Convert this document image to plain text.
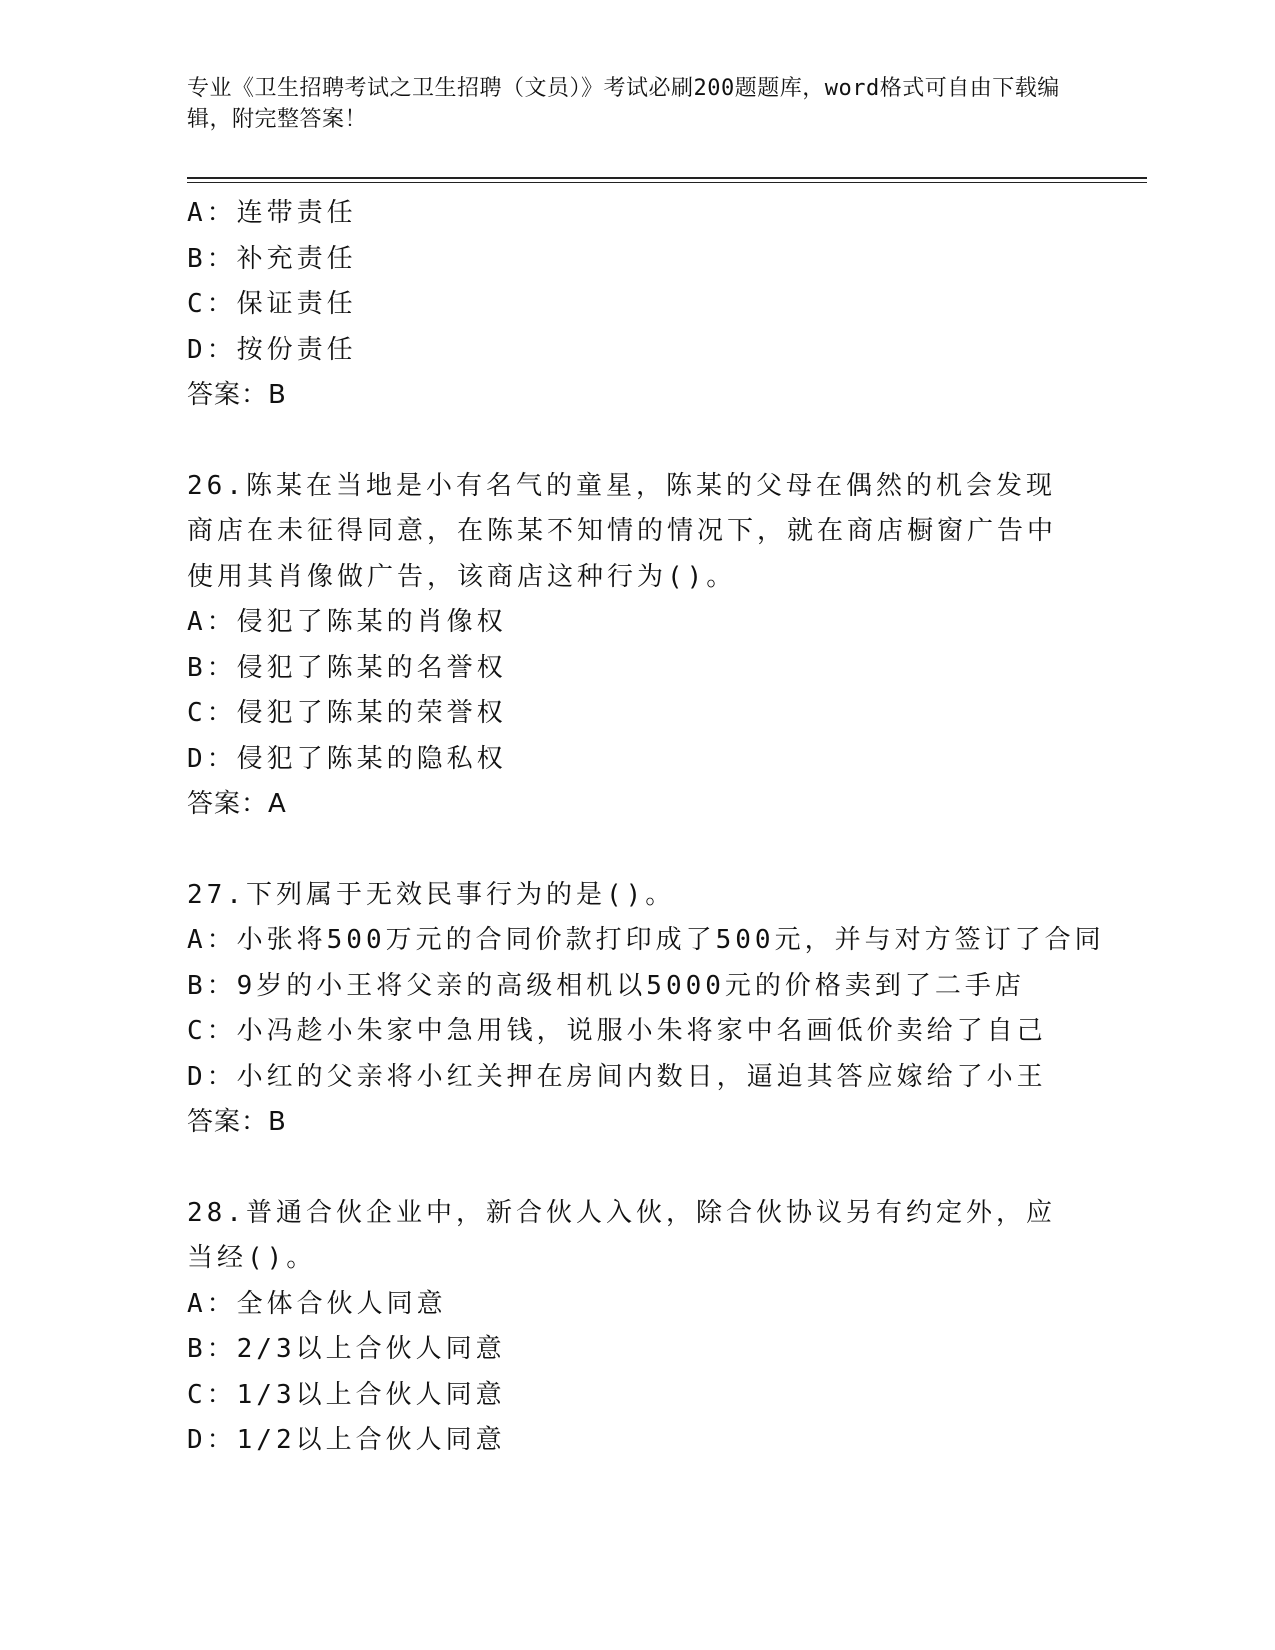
专业《卫生招聘考试之卫生招聘（文员）》考试必刷200题题库，word格式可自由下载编辑，附完整答案！
A：连带责任
B：补充责任
C：保证责任
D：按份责任
答案：B
26.陈某在当地是小有名气的童星，陈某的父母在偶然的机会发现商店在未征得同意，在陈某不知情的情况下，就在商店橱窗广告中使用其肖像做广告，该商店这种行为()。
A：侵犯了陈某的肖像权
B：侵犯了陈某的名誉权
C：侵犯了陈某的荣誉权
D：侵犯了陈某的隐私权
答案：A
27.下列属于无效民事行为的是()。
A：小张将500万元的合同价款打印成了500元，并与对方签订了合同
B：9岁的小王将父亲的高级相机以5000元的价格卖到了二手店
C：小冯趁小朱家中急用钱，说服小朱将家中名画低价卖给了自己
D：小红的父亲将小红关押在房间内数日，逼迫其答应嫁给了小王
答案：B
28.普通合伙企业中，新合伙人入伙，除合伙协议另有约定外，应当经()。
A：全体合伙人同意
B：2/3以上合伙人同意
C：1/3以上合伙人同意
D：1/2以上合伙人同意
